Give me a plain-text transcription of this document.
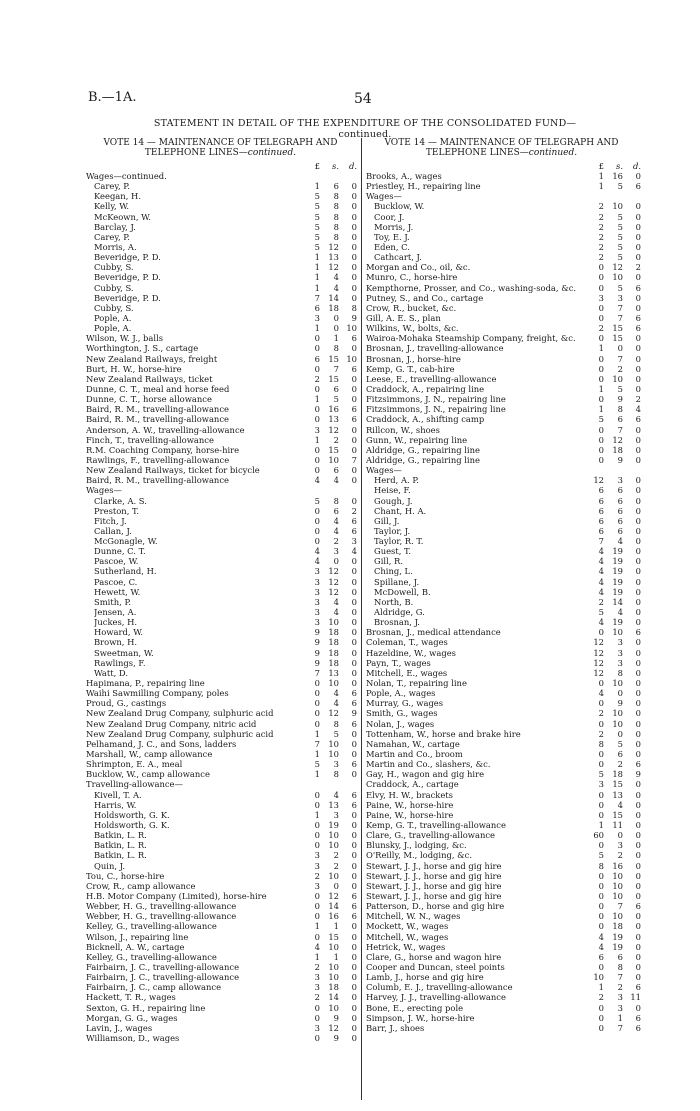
B.—1A.	54
STATEMENT IN DETAIL OF THE EXPENDITURE OF THE CONSOLIDATED FUND—continued.
VOTE 14 — MAINTENANCE OF TELEGRAPH AND TELEPHONE LINES—continued.
£	s.	d.
Wages—continued.
Carey, P.	1	6	0
Keegan, H.	5	8	0
Kelly, W.	5	8	0
McKeown, W.	5	8	0
Barclay, J.	5	8	0
Carey, P.	5	8	0
Morris, A.	5 12	0
Beveridge, P. D.	1 13	0
Cubby, S.	1 12	0
Beveridge, P. D.	1	4	0
Cubby, S.	1	4	0
Beveridge, P. D.	7 14	0
Cubby, S.	6 18	8
Pople, A.	3	0	9
Pople, A.	1	0 10
Wilson, W. J., balls	0	1	6
Worthington, J. S., cartage	0	8	0
New Zealand Railways, freight	6 15 10
Burt, H. W., horse-hire	0	7	6
New Zealand Railways, ticket	2 15	0
Dunne, C. T., meal and horse feed	0	6	0
Dunne, C. T., horse allowance	1	5	0
Baird, R. M., travelling-allowance	0 16	6
Baird, R. M., travelling-allowance	0 13	6
Anderson, A. W., travelling-allowance	3 12	0
Finch, T., travelling-allowance	1	2	0
R.M. Coaching Company, horse-hire	0 15	0
Rawlings, F., travelling-allowance	0 10	7
New Zealand Railways, ticket for bicycle	0	6	0
Baird, R. M., travelling-allowance	4	4	0
Wages—
Clarke, A. S.	5	8	0
Preston, T.	0	6	2
Fitch, J.	0	4	6
Callan, J.	0	4	6
McGonagle, W.	0	2	3
Dunne, C. T.	4	3	4
Pascoe, W.	4	0	0
Sutherland, H.	3 12	0
Pascoe, C.	3 12	0
Hewett, W.	3 12	0
Smith, P.	3	4	0
Jensen, A.	3	4	0
Juckes, H.	3 10	0
Howard, W.	9 18	0
Brown, H.	9 18	0
Sweetman, W.	9 18	0
Rawlings, F.	9 18	0
Watt, D.	7 13	0
Hapimana, P., repairing line	0 10	0
Waihi Sawmilling Company, poles	0	4	6
Proud, G., castings	0	4	6
New Zealand Drug Company, sulphuric acid	0 12	9
New Zealand Drug Company, nitric acid	0	8	6
New Zealand Drug Company, sulphuric acid	1	5	0
Pelhamand, J. C., and Sons, ladders	7 10	0
Marshall, W., camp allowance	1 10	0
Shrimpton, E. A., meal	5	3	6
Bucklow, W., camp allowance	1	8	0
Travelling-allowance—
Kivell, T. A.	0	4	6
Harris, W.	0 13	6
Holdsworth, G. K.	1	3	0
Holdsworth, G. K.	0 19	0
Batkin, L. R.	0 10	0
Batkin, L. R.	0 10	0
Batkin, L. R.	3	2	0
Quin, J.	3	2	0
Tou, C., horse-hire	2 10	0
Crow, R., camp allowance	3	0	0
H.B. Motor Company (Limited), horse-hire	0 12	6
Webber, H. G., travelling-allowance	0 14	6
Webber, H. G., travelling-allowance	0 16	6
Kelley, G., travelling-allowance	1	1	0
Wilson, J., repairing line	0 15	0
Bicknell, A. W., cartage	4 10	0
Kelley, G., travelling-allowance	1	1	0
Fairbairn, J. C., travelling-allowance	2 10	0
Fairbairn, J. C., travelling-allowance	3 10	0
Fairbairn, J. C., camp allowance	3 18	0
Hackett, T. R., wages	2 14	0
Sexton, G. H., repairing line	0 10	0
Morgan, G. G., wages	0	9	0
Lavin, J., wages	3 12	0
Williamson, D., wages	0	9	0
VOTE 14 — MAINTENANCE OF TELEGRAPH AND TELEPHONE LINES—continued.
£	s.	d.
Brooks, A., wages	1 16	0
Priestley, H., repairing line	1	5	6
Wages—
Bucklow, W.	2 10	0
Coor, J.	2	5	0
Morris, J.	2	5	0
Toy, E. J.	2	5	0
Eden, C.	2	5	0
Cathcart, J.	2	5	0
Morgan and Co., oil, &c.	0 12	2
Munro, C., horse-hire	0 10	0
Kempthorne, Prosser, and Co., washing-soda, &c.	0	5	6
Putney, S., and Co., cartage	3	3	0
Crow, R., bucket, &c.	0	7	0
Gill, A. E. S., plan	0	7	6
Wilkins, W., bolts, &c.	2 15	6
Wairoa-Mohaka Steamship Company, freight, &c.	0 15	0
Brosnan, J., travelling-allowance	1	0	0
Brosnan, J., horse-hire	0	7	0
Kemp, G. T., cab-hire	0	2	0
Leese, E., travelling-allowance	0 10	0
Craddock, A., repairing line	1	5	0
Fitzsimmons, J. N., repairing line	0	9	2
Fitzsimmons, J. N., repairing line	1	8	4
Craddock, A., shifting camp	5	6	6
Rillcon, W., shoes	0	7	0
Gunn, W., repairing line	0 12	0
Aldridge, G., repairing line	0 18	0
Aldridge, G., repairing line	0	9	0
Wages—
Herd, A. P.	12	3	0
Heise, F.	6	6	0
Gough, J.	6	6	0
Chant, H. A.	6	6	0
Gill, J.	6	6	0
Taylor, J.	6	6	0
Taylor, R. T.	7	4	0
Guest, T.	4 19	0
Gill, R.	4 19	0
Ching, L.	4 19	0
Spillane, J.	4 19	0
McDowell, B.	4 19	0
North, B.	2 14	0
Aldridge, G.	5	4	0
Brosnan, J.	4 19	0
Brosnan, J., medical attendance	0 10	6
Coleman, T., wages	12	3	0
Hazeldine, W., wages	12	3	0
Payn, T., wages	12	3	0
Mitchell, E., wages	12	8	0
Nolan, T., repairing line	0 10	0
Pople, A., wages	4	0	0
Murray, G., wages	0	9	0
Smith, G., wages	2 10	0
Nolan, J., wages	0 10	0
Tottenham, W., horse and brake hire	2	0	0
Namahan, W., cartage	8	5	0
Martin and Co., broom	0	6	0
Martin and Co., slashers, &c.	0	2	6
Gay, H., wagon and gig hire	5 18	9
Craddock, A., cartage	3 15	0
Elvy, H. W., brackets	0 13	0
Paine, W., horse-hire	0	4	0
Paine, W., horse-hire	0 15	0
Kemp, G. T., travelling-allowance	1 11	0
Clare, G., travelling-allowance	60	0	0
Blunsky, J., lodging, &c.	0	3	0
O'Reilly, M., lodging, &c.	5	2	0
Stewart, J. J., horse and gig hire	8 16	0
Stewart, J. J., horse and gig hire	0 10	0
Stewart, J. J., horse and gig hire	0 10	0
Stewart, J. J., horse and gig hire	0 10	0
Patterson, D., horse and gig hire	0	7	6
Mitchell, W. N., wages	0 10	0
Mockett, W., wages	0 18	0
Mitchell, W., wages	4 19	0
Hetrick, W., wages	4 19	0
Clare, G., horse and wagon hire	6	6	0
Cooper and Duncan, steel points	0	8	0
Lamb, J., horse and gig hire	10	7	0
Columb, E. J., travelling-allowance	1	2	6
Harvey, J. J., travelling-allowance	2	3 11
Bone, E., erecting pole	0	3	0
Simpson, J. W., horse-hire	0	1	6
Barr, J., shoes	0	7	6
